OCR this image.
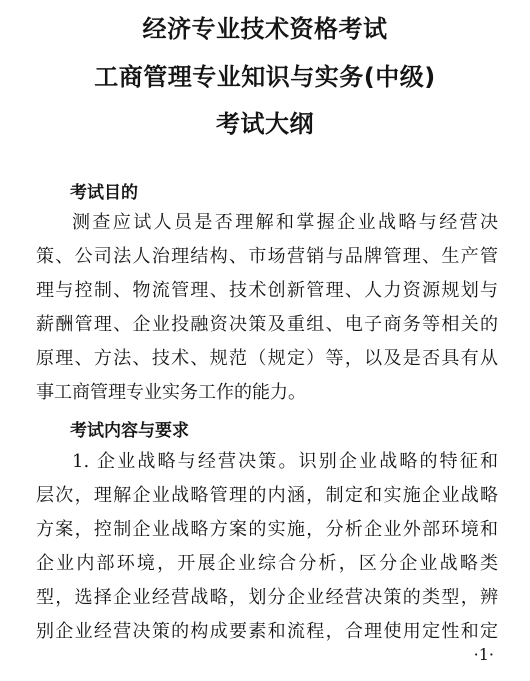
经济专业技术资格考试
工商管理专业知识与实务(中级)
考试大纲
考试目的
测查应试人员是否理解和掌握企业战略与经营决
策、公司法人治理结构、市场营销与品牌管理、生产管
理与控制、物流管理、技术创新管理、人力资源规划与
薪酬管理、企业投融资决策及重组、电子商务等相关的
原理、方法、技术、规范（规定）等，以及是否具有从
事工商管理专业实务工作的能力。
考试内容与要求
1. 企业战略与经营决策。识别企业战略的特征和
层次，理解企业战略管理的内涵，制定和实施企业战略
方案，控制企业战略方案的实施，分析企业外部环境和
企业内部环境，开展企业综合分析，区分企业战略类
型，选择企业经营战略，划分企业经营决策的类型，辨
别企业经营决策的构成要素和流程，合理使用定性和定
·1·
